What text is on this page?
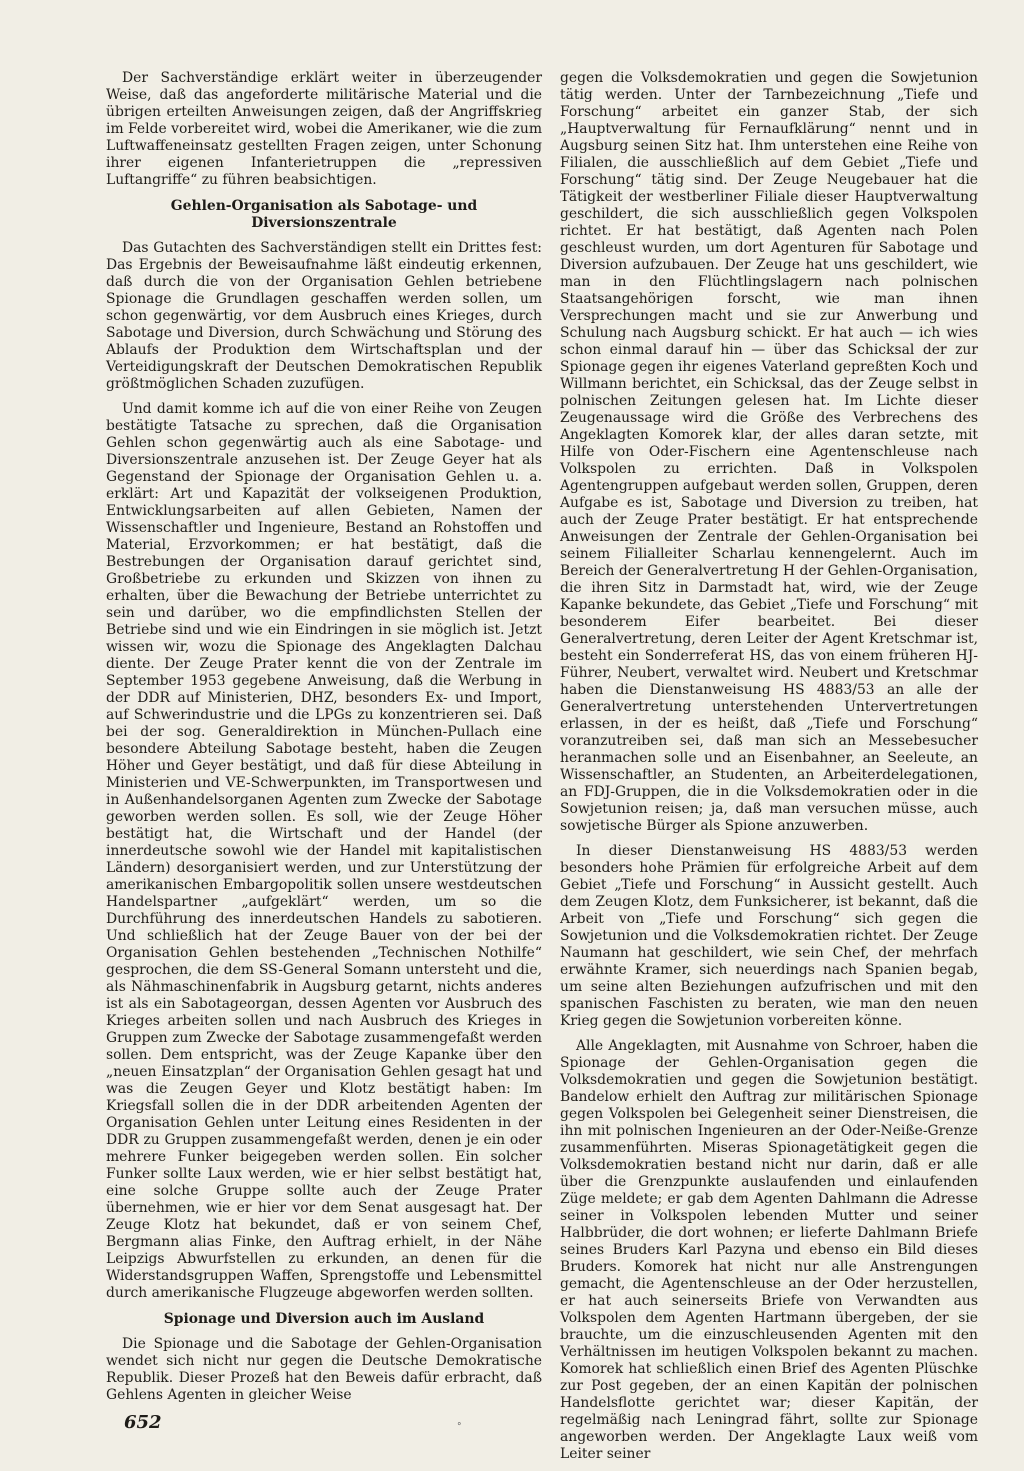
Der Sachverständige erklärt weiter in überzeugender Weise, daß das angeforderte militärische Material und die übrigen erteilten Anweisungen zeigen, daß der Angriffskrieg im Felde vorbereitet wird, wobei die Amerikaner, wie die zum Luftwaffeneinsatz gestellten Fragen zeigen, unter Schonung ihrer eigenen Infanterietruppen die „repressiven Luftangriffe“ zu führen beabsichtigen.

Gehlen-Organisation als Sabotage- und Diversionszentrale

Das Gutachten des Sachverständigen stellt ein Drittes fest: Das Ergebnis der Beweisaufnahme läßt eindeutig erkennen, daß durch die von der Organisation Gehlen betriebene Spionage die Grundlagen geschaffen werden sollen, um schon gegenwärtig, vor dem Ausbruch eines Krieges, durch Sabotage und Diversion, durch Schwächung und Störung des Ablaufs der Produktion dem Wirtschaftsplan und der Verteidigungskraft der Deutschen Demokratischen Republik größtmöglichen Schaden zuzufügen.

Und damit komme ich auf die von einer Reihe von Zeugen bestätigte Tatsache zu sprechen, daß die Organisation Gehlen schon gegenwärtig auch als eine Sabotage- und Diversionszentrale anzusehen ist. Der Zeuge Geyer hat als Gegenstand der Spionage der Organisation Gehlen u. a. erklärt: Art und Kapazität der volkseigenen Produktion, Entwicklungsarbeiten auf allen Gebieten, Namen der Wissenschaftler und Ingenieure, Bestand an Rohstoffen und Material, Erzvorkommen; er hat bestätigt, daß die Bestrebungen der Organisation darauf gerichtet sind, Großbetriebe zu erkunden und Skizzen von ihnen zu erhalten, über die Bewachung der Betriebe unterrichtet zu sein und darüber, wo die empfindlichsten Stellen der Betriebe sind und wie ein Eindringen in sie möglich ist. Jetzt wissen wir, wozu die Spionage des Angeklagten Dalchau diente. Der Zeuge Prater kennt die von der Zentrale im September 1953 gegebene Anweisung, daß die Werbung in der DDR auf Ministerien, DHZ, besonders Ex- und Import, auf Schwerindustrie und die LPGs zu konzentrieren sei. Daß bei der sog. Generaldirektion in München-Pullach eine besondere Abteilung Sabotage besteht, haben die Zeugen Höher und Geyer bestätigt, und daß für diese Abteilung in Ministerien und VE-Schwerpunkten, im Transportwesen und in Außenhandelsorganen Agenten zum Zwecke der Sabotage geworben werden sollen. Es soll, wie der Zeuge Höher bestätigt hat, die Wirtschaft und der Handel (der innerdeutsche sowohl wie der Handel mit kapitalistischen Ländern) desorganisiert werden, und zur Unterstützung der amerikanischen Embargopolitik sollen unsere westdeutschen Handelspartner „aufgeklärt“ werden, um so die Durchführung des innerdeutschen Handels zu sabotieren. Und schließlich hat der Zeuge Bauer von der bei der Organisation Gehlen bestehenden „Technischen Nothilfe“ gesprochen, die dem SS-General Somann untersteht und die, als Nähmaschinenfabrik in Augsburg getarnt, nichts anderes ist als ein Sabotageorgan, dessen Agenten vor Ausbruch des Krieges arbeiten sollen und nach Ausbruch des Krieges in Gruppen zum Zwecke der Sabotage zusammengefaßt werden sollen. Dem entspricht, was der Zeuge Kapanke über den „neuen Einsatzplan“ der Organisation Gehlen gesagt hat und was die Zeugen Geyer und Klotz bestätigt haben: Im Kriegsfall sollen die in der DDR arbeitenden Agenten der Organisation Gehlen unter Leitung eines Residenten in der DDR zu Gruppen zusammengefaßt werden, denen je ein oder mehrere Funker beigegeben werden sollen. Ein solcher Funker sollte Laux werden, wie er hier selbst bestätigt hat, eine solche Gruppe sollte auch der Zeuge Prater übernehmen, wie er hier vor dem Senat ausgesagt hat. Der Zeuge Klotz hat bekundet, daß er von seinem Chef, Bergmann alias Finke, den Auftrag erhielt, in der Nähe Leipzigs Abwurfstellen zu erkunden, an denen für die Widerstandsgruppen Waffen, Sprengstoffe und Lebensmittel durch amerikanische Flugzeuge abgeworfen werden sollten.

Spionage und Diversion auch im Ausland

Die Spionage und die Sabotage der Gehlen-Organisation wendet sich nicht nur gegen die Deutsche Demokratische Republik. Dieser Prozeß hat den Beweis dafür erbracht, daß Gehlens Agenten in gleicher Weise

gegen die Volksdemokratien und gegen die Sowjetunion tätig werden. Unter der Tarnbezeichnung „Tiefe und Forschung“ arbeitet ein ganzer Stab, der sich „Hauptverwaltung für Fernaufklärung“ nennt und in Augsburg seinen Sitz hat. Ihm unterstehen eine Reihe von Filialen, die ausschließlich auf dem Gebiet „Tiefe und Forschung“ tätig sind. Der Zeuge Neugebauer hat die Tätigkeit der westberliner Filiale dieser Hauptverwaltung geschildert, die sich ausschließlich gegen Volkspolen richtet. Er hat bestätigt, daß Agenten nach Polen geschleust wurden, um dort Agenturen für Sabotage und Diversion aufzubauen. Der Zeuge hat uns geschildert, wie man in den Flüchtlingslagern nach polnischen Staatsangehörigen forscht, wie man ihnen Versprechungen macht und sie zur Anwerbung und Schulung nach Augsburg schickt. Er hat auch — ich wies schon einmal darauf hin — über das Schicksal der zur Spionage gegen ihr eigenes Vaterland gepreßten Koch und Willmann berichtet, ein Schicksal, das der Zeuge selbst in polnischen Zeitungen gelesen hat. Im Lichte dieser Zeugenaussage wird die Größe des Verbrechens des Angeklagten Komorek klar, der alles daran setzte, mit Hilfe von Oder-Fischern eine Agentenschleuse nach Volkspolen zu errichten. Daß in Volkspolen Agentengruppen aufgebaut werden sollen, Gruppen, deren Aufgabe es ist, Sabotage und Diversion zu treiben, hat auch der Zeuge Prater bestätigt. Er hat entsprechende Anweisungen der Zentrale der Gehlen-Organisation bei seinem Filialleiter Scharlau kennengelernt. Auch im Bereich der Generalvertretung H der Gehlen-Organisation, die ihren Sitz in Darmstadt hat, wird, wie der Zeuge Kapanke bekundete, das Gebiet „Tiefe und Forschung“ mit besonderem Eifer bearbeitet. Bei dieser Generalvertretung, deren Leiter der Agent Kretschmar ist, besteht ein Sonderreferat HS, das von einem früheren HJ-Führer, Neubert, verwaltet wird. Neubert und Kretschmar haben die Dienstanweisung HS 4883/53 an alle der Generalvertretung unterstehenden Untervertretungen erlassen, in der es heißt, daß „Tiefe und Forschung“ voranzutreiben sei, daß man sich an Messebesucher heranmachen solle und an Eisenbahner, an Seeleute, an Wissenschaftler, an Studenten, an Arbeiterdelegationen, an FDJ-Gruppen, die in die Volksdemokratien oder in die Sowjetunion reisen; ja, daß man versuchen müsse, auch sowjetische Bürger als Spione anzuwerben.

In dieser Dienstanweisung HS 4883/53 werden besonders hohe Prämien für erfolgreiche Arbeit auf dem Gebiet „Tiefe und Forschung“ in Aussicht gestellt. Auch dem Zeugen Klotz, dem Funksicherer, ist bekannt, daß die Arbeit von „Tiefe und Forschung“ sich gegen die Sowjetunion und die Volksdemokratien richtet. Der Zeuge Naumann hat geschildert, wie sein Chef, der mehrfach erwähnte Kramer, sich neuerdings nach Spanien begab, um seine alten Beziehungen aufzufrischen und mit den spanischen Faschisten zu beraten, wie man den neuen Krieg gegen die Sowjetunion vorbereiten könne.

Alle Angeklagten, mit Ausnahme von Schroer, haben die Spionage der Gehlen-Organisation gegen die Volksdemokratien und gegen die Sowjetunion bestätigt. Bandelow erhielt den Auftrag zur militärischen Spionage gegen Volkspolen bei Gelegenheit seiner Dienstreisen, die ihn mit polnischen Ingenieuren an der Oder-Neiße-Grenze zusammenführten. Miseras Spionagetätigkeit gegen die Volksdemokratien bestand nicht nur darin, daß er alle über die Grenzpunkte auslaufenden und einlaufenden Züge meldete; er gab dem Agenten Dahlmann die Adresse seiner in Volkspolen lebenden Mutter und seiner Halbbrüder, die dort wohnen; er lieferte Dahlmann Briefe seines Bruders Karl Pazyna und ebenso ein Bild dieses Bruders. Komorek hat nicht nur alle Anstrengungen gemacht, die Agentenschleuse an der Oder herzustellen, er hat auch seinerseits Briefe von Verwandten aus Volkspolen dem Agenten Hartmann übergeben, der sie brauchte, um die einzuschleusenden Agenten mit den Verhältnissen im heutigen Volkspolen bekannt zu machen. Komorek hat schließlich einen Brief des Agenten Plüschke zur Post gegeben, der an einen Kapitän der polnischen Handelsflotte gerichtet war; dieser Kapitän, der regelmäßig nach Leningrad fährt, sollte zur Spionage angeworben werden. Der Angeklagte Laux weiß vom Leiter seiner

652	°
